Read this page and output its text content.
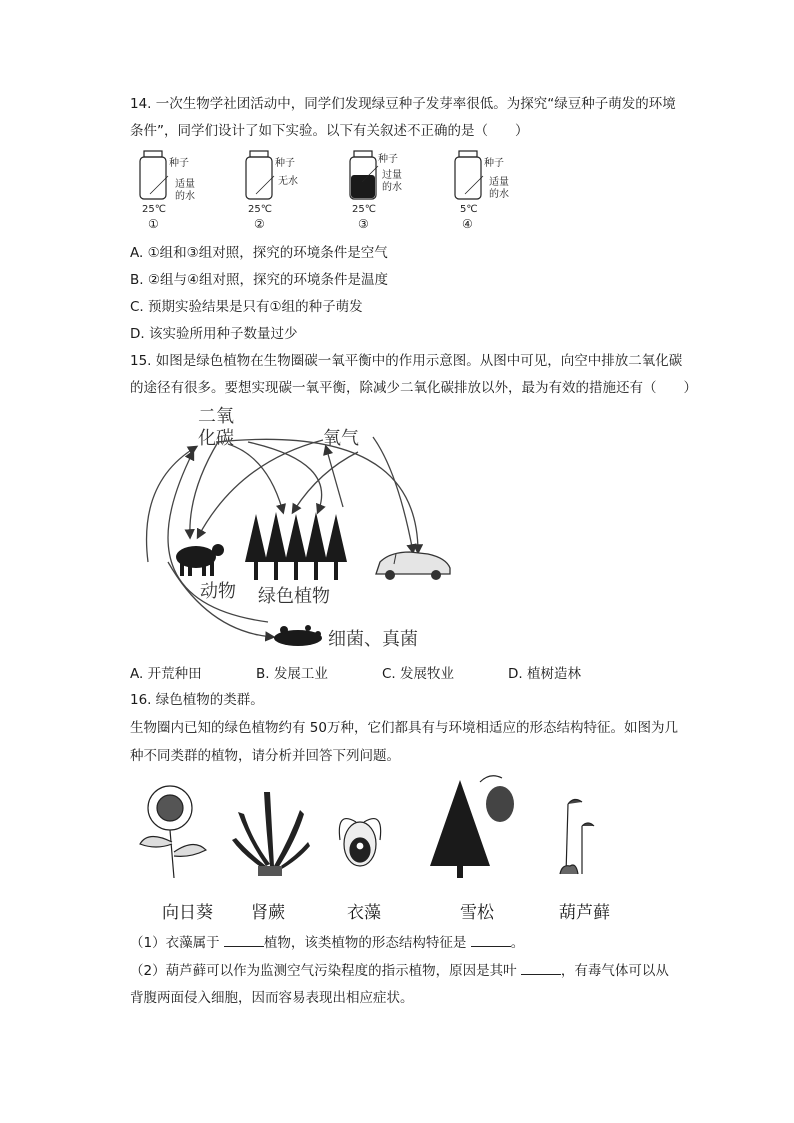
14. 一次生物学社团活动中，同学们发现绿豆种子发芽率很低。为探究“绿豆种子萌发的环境
条件”，同学们设计了如下实验。以下有关叙述不正确的是（　　）
种子
适量
的水
25℃
①
种子
无水
25℃
②
种子
过量
的水
25℃
③
种子
适量
的水
5℃
④
A. ①组和③组对照，探究的环境条件是空气
B. ②组与④组对照，探究的环境条件是温度
C. 预期实验结果是只有①组的种子萌发
D. 该实验所用种子数量过少
15. 如图是绿色植物在生物圈碳一氧平衡中的作用示意图。从图中可见，向空中排放二氧化碳
的途径有很多。要想实现碳一氧平衡，除减少二氧化碳排放以外，最为有效的措施还有（　　）
二氧
化碳	氧气
动物 绿色植物
细菌、真菌
A. 开荒种田	B. 发展工业	C. 发展牧业	D. 植树造林
16. 绿色植物的类群。
生物圈内已知的绿色植物约有 50万种，它们都具有与环境相适应的形态结构特征。如图为几
种不同类群的植物，请分析并回答下列问题。
向日葵 肾蕨	衣藻	雪松	葫芦藓
（1）衣藻属于	植物，该类植物的形态结构特征是	。
（2）葫芦藓可以作为监测空气污染程度的指示植物，原因是其叶	，有毒气体可以从
背腹两面侵入细胞，因而容易表现出相应症状。
